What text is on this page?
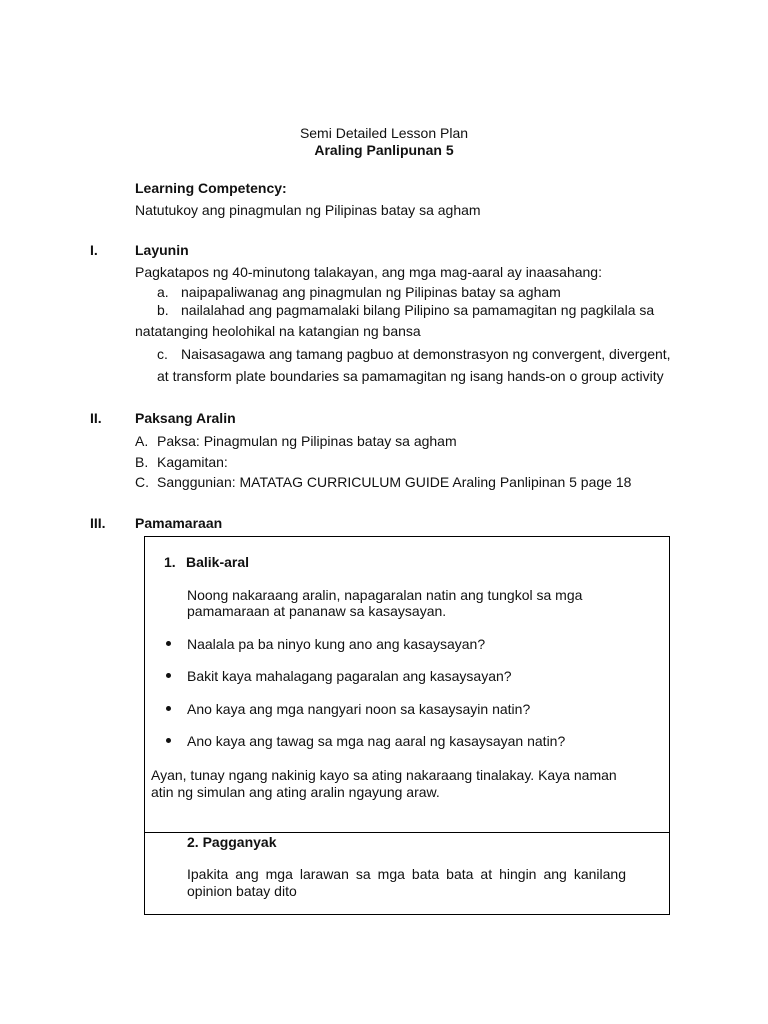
Semi Detailed Lesson Plan
Araling Panlipunan 5
Learning Competency:
Natutukoy ang pinagmulan ng Pilipinas batay sa agham
I.	Layunin
Pagkatapos ng 40-minutong talakayan, ang mga mag-aaral ay inaasahang:
a. naipapaliwanag ang pinagmulan ng Pilipinas batay sa agham
b. nailalahad ang pagmamalaki bilang Pilipino sa pamamagitan ng pagkilala sa
natatanging heolohikal na katangian ng bansa
c. Naisasagawa ang tamang pagbuo at demonstrasyon ng convergent, divergent,
at transform plate boundaries sa pamamagitan ng isang hands-on o group activity
II. Paksang Aralin
A. Paksa: Pinagmulan ng Pilipinas batay sa agham
B. Kagamitan:
C. Sanggunian: MATATAG CURRICULUM GUIDE Araling Panlipinan 5 page 18
III. Pamamaraan
1. Balik-aral
Noong nakaraang aralin, napagaralan natin ang tungkol sa mga
pamamaraan at pananaw sa kasaysayan.
Naalala pa ba ninyo kung ano ang kasaysayan?
Bakit kaya mahalagang pagaralan ang kasaysayan?
Ano kaya ang mga nangyari noon sa kasaysayin natin?
Ano kaya ang tawag sa mga nag aaral ng kasaysayan natin?
Ayan, tunay ngang nakinig kayo sa ating nakaraang tinalakay. Kaya naman
atin ng simulan ang ating aralin ngayung araw.
2. Pagganyak
Ipakita ang mga larawan sa mga bata bata at hingin ang kanilang opinion batay dito
